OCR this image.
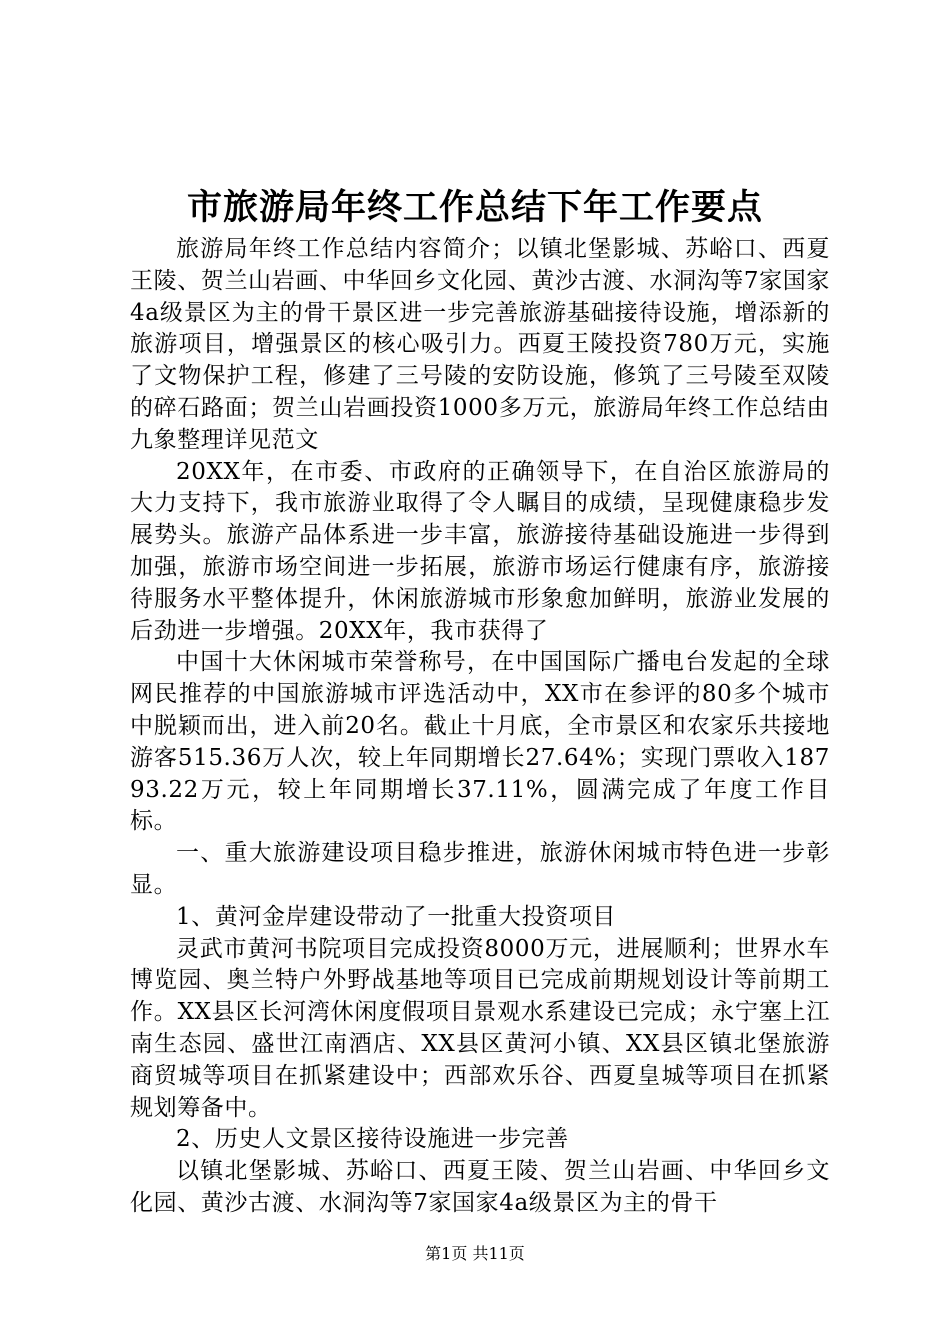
市旅游局年终工作总结下年工作要点

旅游局年终工作总结内容简介；以镇北堡影城、苏峪口、西夏王陵、贺兰山岩画、中华回乡文化园、黄沙古渡、水洞沟等7家国家4a级景区为主的骨干景区进一步完善旅游基础接待设施，增添新的旅游项目，增强景区的核心吸引力。西夏王陵投资780万元，实施了文物保护工程，修建了三号陵的安防设施，修筑了三号陵至双陵的碎石路面；贺兰山岩画投资1000多万元，旅游局年终工作总结由九象整理详见范文

20XX年，在市委、市政府的正确领导下，在自治区旅游局的大力支持下，我市旅游业取得了令人瞩目的成绩，呈现健康稳步发展势头。旅游产品体系进一步丰富，旅游接待基础设施进一步得到加强，旅游市场空间进一步拓展，旅游市场运行健康有序，旅游接待服务水平整体提升，休闲旅游城市形象愈加鲜明，旅游业发展的后劲进一步增强。20XX年，我市获得了

中国十大休闲城市荣誉称号，在中国国际广播电台发起的全球网民推荐的中国旅游城市评选活动中，XX市在参评的80多个城市中脱颖而出，进入前20名。截止十月底，全市景区和农家乐共接地游客515.36万人次，较上年同期增长27.64%；实现门票收入18793.22万元，较上年同期增长37.11%，圆满完成了年度工作目标。

一、重大旅游建设项目稳步推进，旅游休闲城市特色进一步彰显。

1、黄河金岸建设带动了一批重大投资项目

灵武市黄河书院项目完成投资8000万元，进展顺利；世界水车博览园、奥兰特户外野战基地等项目已完成前期规划设计等前期工作。XX县区长河湾休闲度假项目景观水系建设已完成；永宁塞上江南生态园、盛世江南酒店、XX县区黄河小镇、XX县区镇北堡旅游商贸城等项目在抓紧建设中；西部欢乐谷、西夏皇城等项目在抓紧规划筹备中。

2、历史人文景区接待设施进一步完善

以镇北堡影城、苏峪口、西夏王陵、贺兰山岩画、中华回乡文化园、黄沙古渡、水洞沟等7家国家4a级景区为主的骨干

第1页 共11页
